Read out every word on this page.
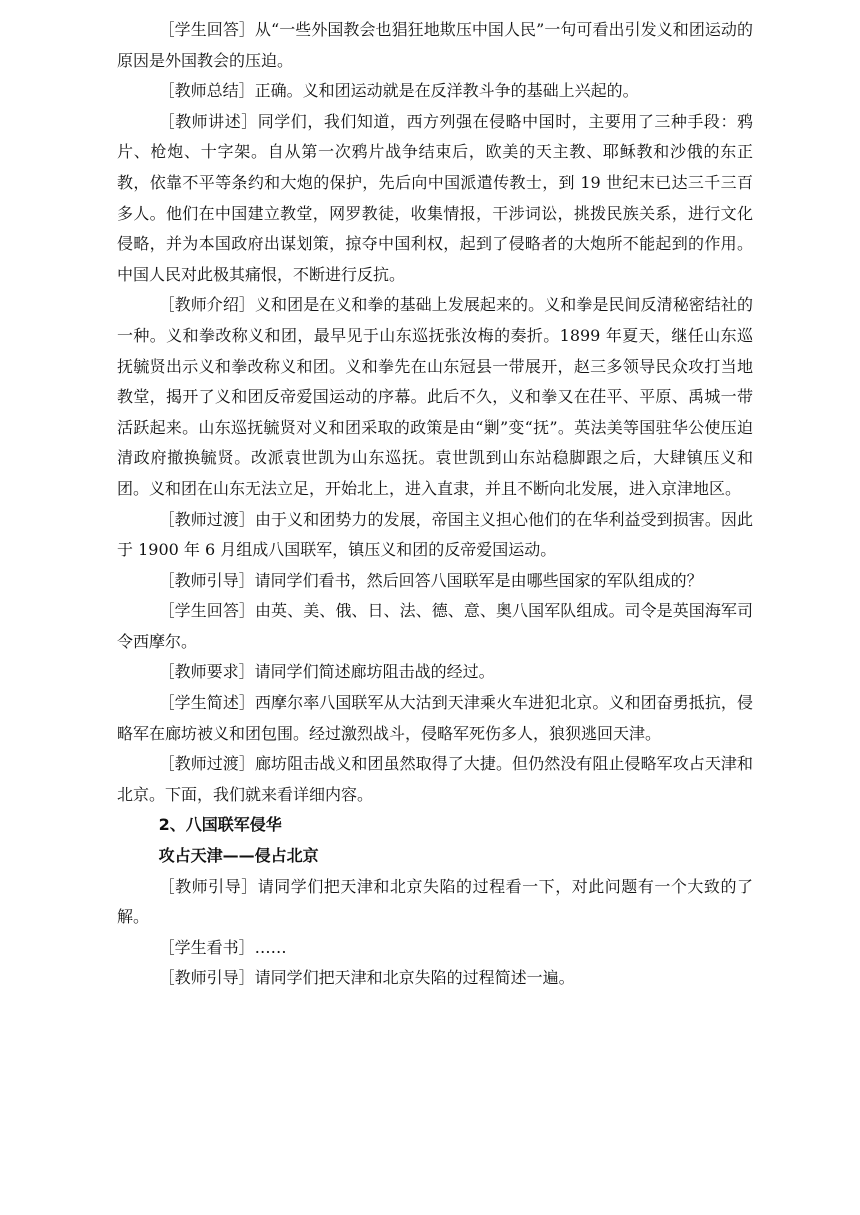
［学生回答］从“一些外国教会也猖狂地欺压中国人民”一句可看出引发义和团运动的原因是外国教会的压迫。

［教师总结］正确。义和团运动就是在反洋教斗争的基础上兴起的。

［教师讲述］同学们，我们知道，西方列强在侵略中国时，主要用了三种手段：鸦片、枪炮、十字架。自从第一次鸦片战争结束后，欧美的天主教、耶稣教和沙俄的东正教，依靠不平等条约和大炮的保护，先后向中国派遣传教士，到 19 世纪末已达三千三百多人。他们在中国建立教堂，网罗教徒，收集情报，干涉词讼，挑拨民族关系，进行文化侵略，并为本国政府出谋划策，掠夺中国利权，起到了侵略者的大炮所不能起到的作用。中国人民对此极其痛恨，不断进行反抗。

［教师介绍］义和团是在义和拳的基础上发展起来的。义和拳是民间反清秘密结社的一种。义和拳改称义和团，最早见于山东巡抚张汝梅的奏折。1899 年夏天，继任山东巡抚毓贤出示义和拳改称义和团。义和拳先在山东冠县一带展开，赵三多领导民众攻打当地教堂，揭开了义和团反帝爱国运动的序幕。此后不久，义和拳又在茌平、平原、禹城一带活跃起来。山东巡抚毓贤对义和团采取的政策是由“剿”变“抚”。英法美等国驻华公使压迫清政府撤换毓贤。改派袁世凯为山东巡抚。袁世凯到山东站稳脚跟之后，大肆镇压义和团。义和团在山东无法立足，开始北上，进入直隶，并且不断向北发展，进入京津地区。

［教师过渡］由于义和团势力的发展，帝国主义担心他们的在华利益受到损害。因此于 1900 年 6 月组成八国联军，镇压义和团的反帝爱国运动。

［教师引导］请同学们看书，然后回答八国联军是由哪些国家的军队组成的？

［学生回答］由英、美、俄、日、法、德、意、奥八国军队组成。司令是英国海军司令西摩尔。

［教师要求］请同学们简述廊坊阻击战的经过。

［学生简述］西摩尔率八国联军从大沽到天津乘火车进犯北京。义和团奋勇抵抗，侵略军在廊坊被义和团包围。经过激烈战斗，侵略军死伤多人，狼狈逃回天津。

［教师过渡］廊坊阻击战义和团虽然取得了大捷。但仍然没有阻止侵略军攻占天津和北京。下面，我们就来看详细内容。

2、八国联军侵华

攻占天津——侵占北京

［教师引导］请同学们把天津和北京失陷的过程看一下，对此问题有一个大致的了解。

［学生看书］……

［教师引导］请同学们把天津和北京失陷的过程简述一遍。
